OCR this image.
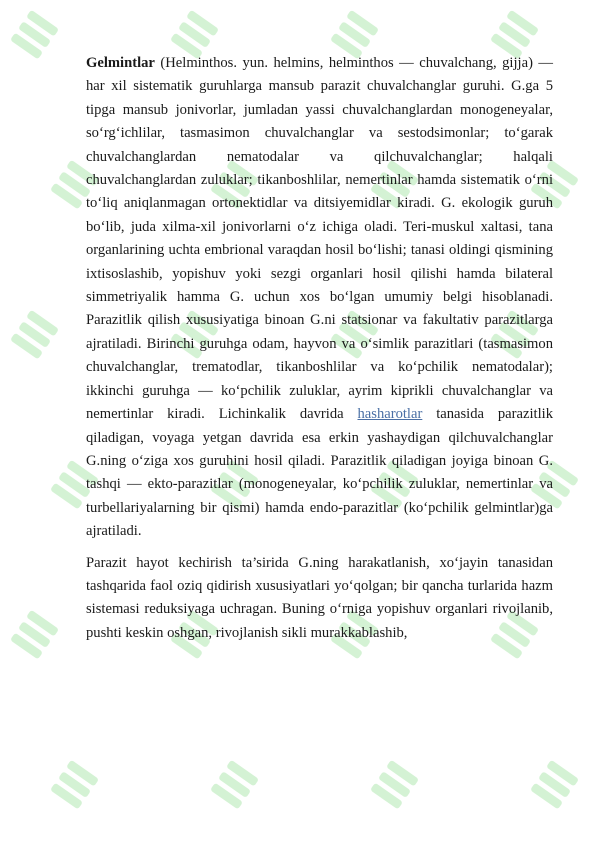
Gelmintlar (Helminthos. yun. helmins, helminthos — chuvalchang, gijja) — har xil sistematik guruhlarga mansub parazit chuvalchanglar guruhi. G.ga 5 tipga mansub jonivorlar, jumladan yassi chuvalchanglardan monogeneyalar, so‘rg‘ichlilar, tasmasimon chuvalchanglar va sestodsimonlar; to‘garak chuvalchanglardan nematodalar va qilchuvalchanglar; halqali chuvalchanglardan zuluklar; tikanboshlilar, nemertinlar hamda sistematik o‘rni to‘liq aniqlanmagan ortonektidlar va ditsiyemidlar kiradi. G. ekologik guruh bo‘lib, juda xilma-xil jonivorlarni o‘z ichiga oladi. Teri-muskul xaltasi, tana organlarining uchta embrional varaqdan hosil bo‘lishi; tanasi oldingi qismining ixtisoslashib, yopishuv yoki sezgi organlari hosil qilishi hamda bilateral simmetriyalik hamma G. uchun xos bo‘lgan umumiy belgi hisoblanadi. Parazitlik qilish xususiyatiga binoan G.ni statsionar va fakultativ parazitlarga ajratiladi. Birinchi guruhga odam, hayvon va o‘simlik parazitlari (tasmasimon chuvalchanglar, trematodlar, tikanboshlilar va ko‘pchilik nematodalar); ikkinchi guruhga — ko‘pchilik zuluklar, ayrim kiprikli chuvalchanglar va nemertinlar kiradi. Lichinkalik davrida hasharotlar tanasida parazitlik qiladigan, voyaga yetgan davrida esa erkin yashaydigan qilchuvalchanglar G.ning o‘ziga xos guruhini hosil qiladi. Parazitlik qiladigan joyiga binoan G. tashqi — ekto-parazitlar (monogeneyalar, ko‘pchilik zuluklar, nemertinlar va turbellariyalarning bir qismi) hamda endo-parazitlar (ko‘pchilik gelmintlar)ga ajratiladi.

Parazit hayot kechirish ta’sirida G.ning harakatlanish, xo‘jayin tanasidan tashqarida faol oziq qidirish xususiyatlari yo‘qolgan; bir qancha turlarida hazm sistemasi reduksiyaga uchragan. Buning o‘rniga yopishuv organlari rivojlanib, pushti keskin oshgan, rivojlanish sikli murakkablashib,
